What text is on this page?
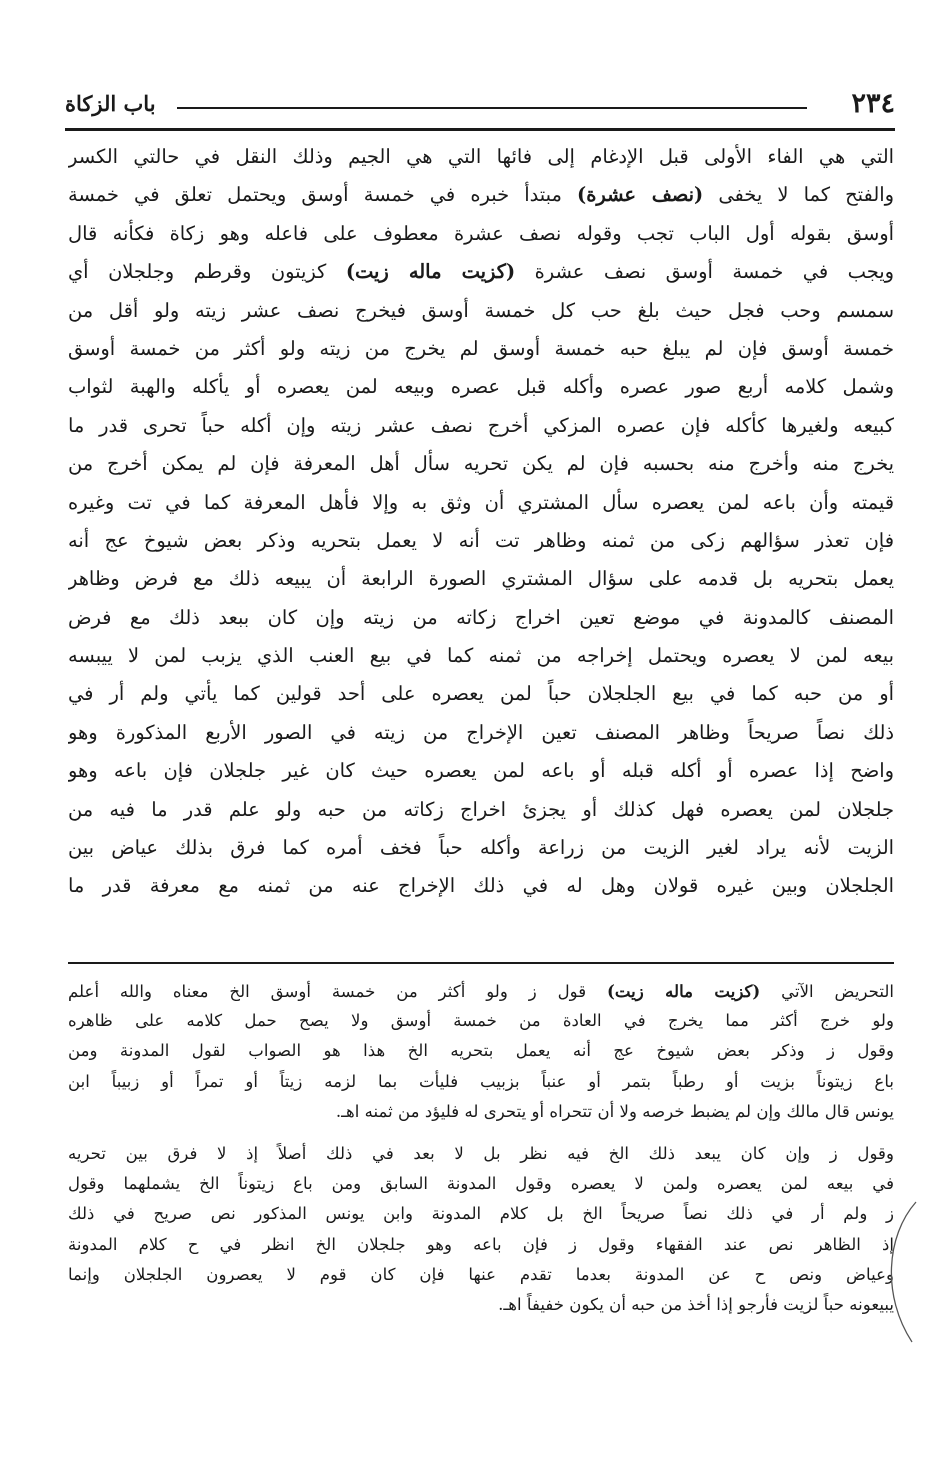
٢٣٤
باب الزكاة
التي هي الفاء الأولى قبل الإدغام إلى فائها التي هي الجيم وذلك النقل في حالتي الكسر
والفتح كما لا يخفى (نصف عشرة) مبتدأ خبره في خمسة أوسق ويحتمل تعلق في خمسة
أوسق بقوله أول الباب تجب وقوله نصف عشرة معطوف على فاعله وهو زكاة فكأنه قال
ويجب في خمسة أوسق نصف عشرة (كزيت ماله زيت) كزيتون وقرطم وجلجلان أي
سمسم وحب فجل حيث بلغ حب كل خمسة أوسق فيخرج نصف عشر زيته ولو أقل من
خمسة أوسق فإن لم يبلغ حبه خمسة أوسق لم يخرج من زيته ولو أكثر من خمسة أوسق
وشمل كلامه أربع صور عصره وأكله قبل عصره وبيعه لمن يعصره أو يأكله والهبة لثواب
كبيعه ولغيرها كأكله فإن عصره المزكي أخرج نصف عشر زيته وإن أكله حباً تحرى قدر ما
يخرج منه وأخرج منه بحسبه فإن لم يكن تحريه سأل أهل المعرفة فإن لم يمكن أخرج من
قيمته وأن باعه لمن يعصره سأل المشتري أن وثق به وإلا فأهل المعرفة كما في تت وغيره
فإن تعذر سؤالهم زكى من ثمنه وظاهر تت أنه لا يعمل بتحريه وذكر بعض شيوخ عج أنه
يعمل بتحريه بل قدمه على سؤال المشتري الصورة الرابعة أن يبيعه ذلك مع فرض وظاهر
المصنف كالمدونة في موضع تعين اخراج زكاته من زيته وإن كان ببعد ذلك مع فرض
بيعه لمن لا يعصره ويحتمل إخراجه من ثمنه كما في بيع العنب الذي يزبب لمن لا ييبسه
أو من حبه كما في بيع الجلجلان حباً لمن يعصره على أحد قولين كما يأتي ولم أر في
ذلك نصاً صريحاً وظاهر المصنف تعين الإخراج من زيته في الصور الأربع المذكورة وهو
واضح إذا عصره أو أكله قبله أو باعه لمن يعصره حيث كان غير جلجلان فإن باعه وهو
جلجلان لمن يعصره فهل كذلك أو يجزئ اخراج زكاته من حبه ولو علم قدر ما فيه من
الزيت لأنه يراد لغير الزيت من زراعة وأكله حباً فخف أمره كما فرق بذلك عياض بين
الجلجلان وبين غيره قولان وهل له في ذلك الإخراج عنه من ثمنه مع معرفة قدر ما
التحريض الآتي (كزيت ماله زيت) قول ز ولو أكثر من خمسة أوسق الخ معناه والله أعلم
ولو خرج أكثر مما يخرج في العادة من خمسة أوسق ولا يصح حمل كلامه على ظاهره
وقول ز وذكر بعض شيوخ عج أنه يعمل بتحريه الخ هذا هو الصواب لقول المدونة ومن
باع زيتوناً بزيت أو رطباً بتمر أو عنباً بزبيب فليأت بما لزمه زيتاً أو تمراً أو زبيباً ابن
يونس قال مالك وإن لم يضبط خرصه ولا أن تتحراه أو يتحرى له فليؤد من ثمنه اهـ.
وقول ز وإن كان يبعد ذلك الخ فيه نظر بل لا بعد في ذلك أصلاً إذ لا فرق بين تحريه
في بيعه لمن يعصره ولمن لا يعصره وقول المدونة السابق ومن باع زيتوناً الخ يشملهما وقول
ز ولم أر في ذلك نصاً صريحاً الخ بل كلام المدونة وابن يونس المذكور نص صريح في ذلك
إذ الظاهر نص عند الفقهاء وقول ز فإن باعه وهو جلجلان الخ انظر في ح كلام المدونة
وعياض ونص ح عن المدونة بعدما تقدم عنها فإن كان قوم لا يعصرون الجلجلان وإنما
يبيعونه حباً لزيت فأرجو إذا أخذ من حبه أن يكون خفيفاً اهـ.
